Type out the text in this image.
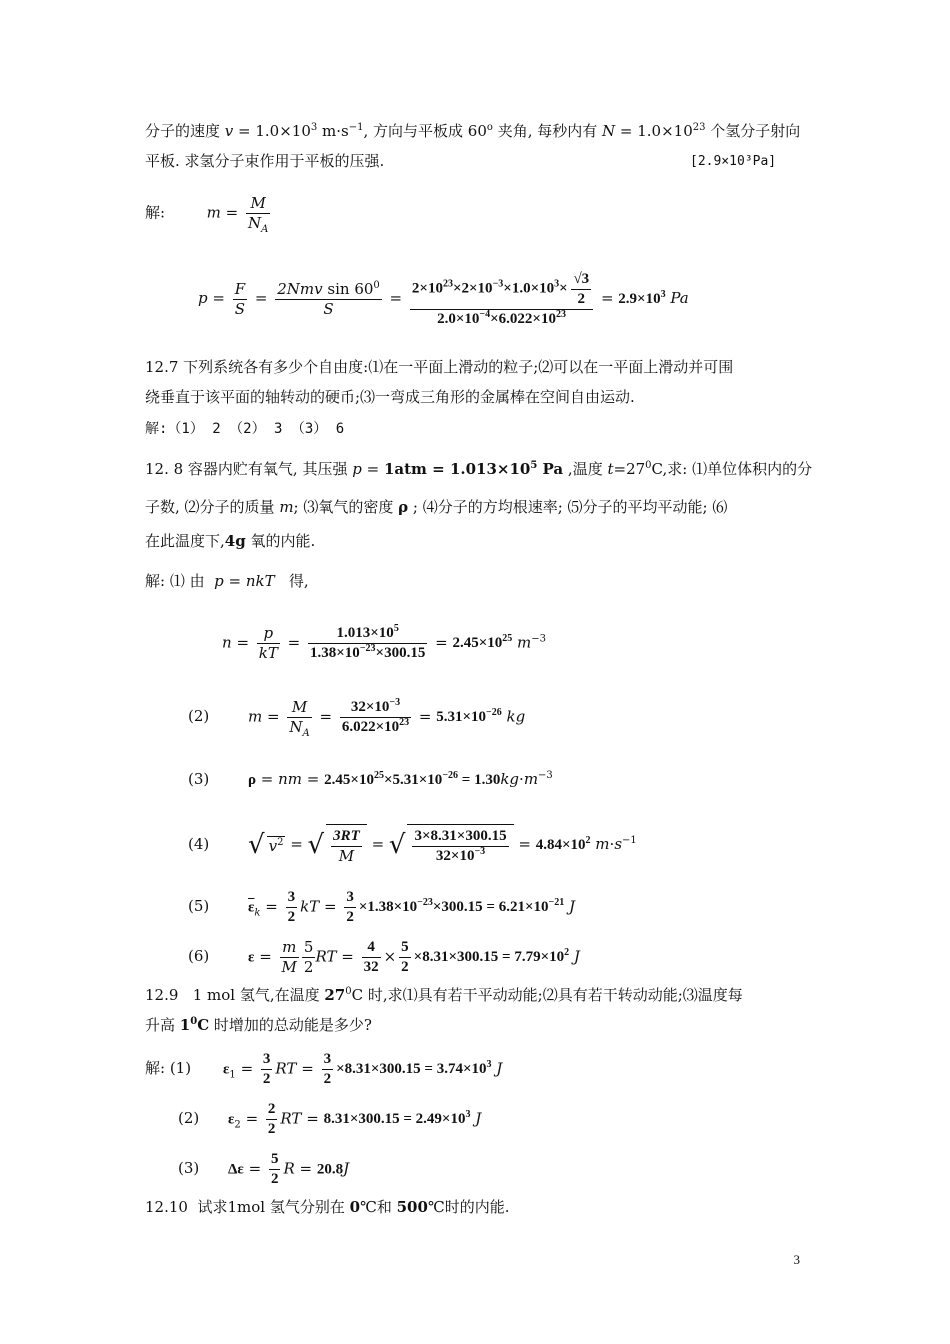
分子的速度 $v = 1.0\times 10^3$ $m\cdot s^{-1}$, 方向与平板成 60$^o$ 夹角, 每秒内有 $N = 1.0\times 10^{23}$ 个氢分子射向
平板. 求氢分子束作用于平板的压强.	[2.9×10³Pa]
解:	$m = \frac{M}{N_A}$
$p = \frac{F}{S} = \frac{2Nmv \sin 60^0}{S} = \frac{2\times 10^{23}\times 2\times 10^{-3}\times 1.0\times 10^3\times \frac{√3}{2}}{2.0\times 10^{-4}\times 6.022\times 10^{23}} = 2.9\times 10^3$ Pa
12.7 下列系统各有多少个自由度:⑴在一平面上滑动的粒子;⑵可以在一平面上滑动并可围
绕垂直于该平面的轴转动的硬币;⑶一弯成三角形的金属棒在空间自由运动.
解:（1） 2 （2） 3 （3） 6
12. 8 容器内贮有氧气, 其压强 $p = 1atm = 1.013\times 10^5$ Pa ,温度 $t=27^0C$,求: ⑴单位体积内的分
子数, ⑵分子的质量 m; ⑶氧气的密度 ρ ; ⑷分子的方均根速率; ⑸分子的平均平动能; ⑹
在此温度下,4g 氧的内能.
解: ⑴ 由  p = nkT   得,
$n = \frac{p}{kT} = \frac{1.013\times 10^5}{1.38\times 10^{-23}\times 300.15} = 2.45\times 10^{25}$ $m^{-3}$
(2)	$m = \frac{M}{N_A} = \frac{32\times 10^{-3}}{6.022\times 10^{23}} = 5.31\times 10^{-26}$ kg
(3)	ρ = nm = $2.45\times 10^{25}\times 5.31\times 10^{-26} = 1.30kg\cdot m^{-3}$
(4) √ $v^2$ = √ $\frac{3RT}{M}$ = √ $\frac{3\times 8.31\times 300.15}{32\times 10^{-3}} = 4.84\times 10^2$ $m\cdot s^{-1}$
(5)	$\overline{\varepsilon}_k = \frac{3}{2}$ kT = $\frac{3}{2} \times 1.38\times 10^{-23}\times 300.15 = 6.21\times 10^{-21}$ J
(6)	$\varepsilon = \frac{m}{M} \frac{5}{2}$ RT = $\frac{4}{32} \times \frac{5}{2} \times 8.31\times 300.15 = 7.79\times 10^2$ J
12.9   1 mol 氢气,在温度 $27^0C$ 时,求⑴具有若干平动动能;⑵具有若干转动动能;⑶温度每
升高 $1^0C$ 时增加的总动能是多少?
解: (1) $\varepsilon_1 = \frac{3}{2}$ RT = $\frac{3}{2} \times 8.31\times 300.15 = 3.74\times 10^3$ J
(2) $\varepsilon_2 = \frac{2}{2}$ RT = $8.31\times 300.15 = 2.49\times 10^3$ J
(3) $\Delta\varepsilon = \frac{5}{2}$ R = 20.8J
12.10  试求1mol 氢气分别在 0℃和 500℃时的内能.
3
